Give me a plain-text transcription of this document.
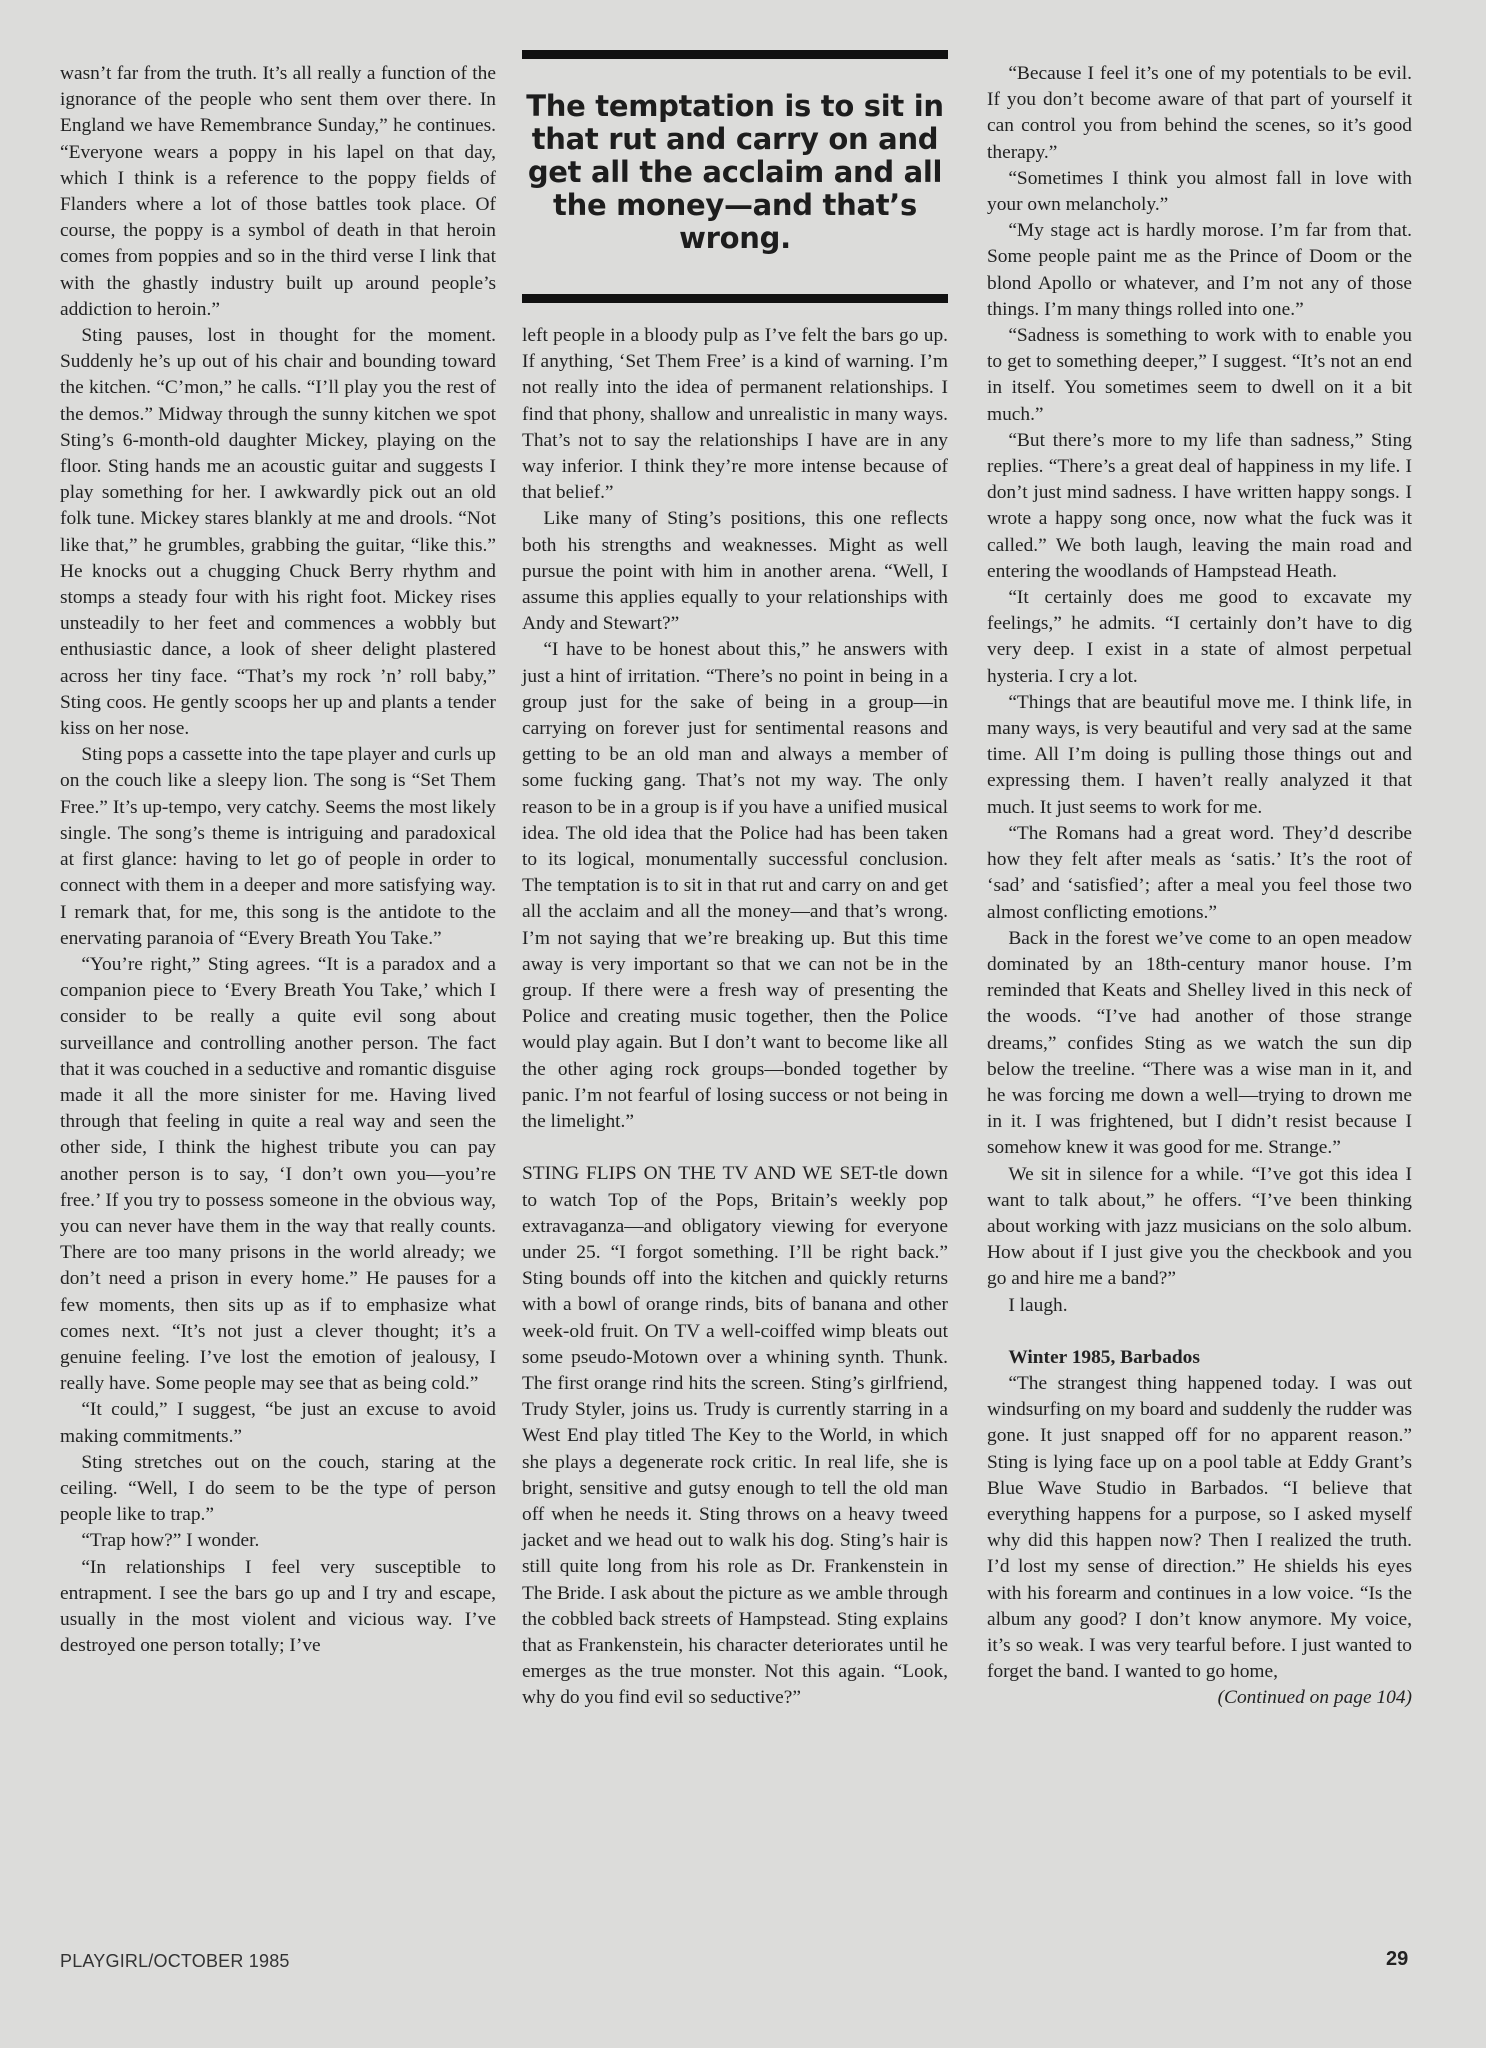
wasn’t far from the truth. It’s all really a function of the ignorance of the people who sent them over there. In England we have Remembrance Sunday,” he continues. “Everyone wears a poppy in his lapel on that day, which I think is a reference to the poppy fields of Flanders where a lot of those battles took place. Of course, the poppy is a symbol of death in that heroin comes from poppies and so in the third verse I link that with the ghastly industry built up around people’s addiction to heroin.”

Sting pauses, lost in thought for the moment. Suddenly he’s up out of his chair and bounding toward the kitchen. “C’mon,” he calls. “I’ll play you the rest of the demos.” Midway through the sunny kitchen we spot Sting’s 6-month-old daughter Mickey, playing on the floor. Sting hands me an acoustic guitar and suggests I play something for her. I awkwardly pick out an old folk tune. Mickey stares blankly at me and drools. “Not like that,” he grumbles, grabbing the guitar, “like this.” He knocks out a chugging Chuck Berry rhythm and stomps a steady four with his right foot. Mickey rises unsteadily to her feet and commences a wobbly but enthusiastic dance, a look of sheer delight plastered across her tiny face. “That’s my rock ’n’ roll baby,” Sting coos. He gently scoops her up and plants a tender kiss on her nose.

Sting pops a cassette into the tape player and curls up on the couch like a sleepy lion. The song is “Set Them Free.” It’s up-tempo, very catchy. Seems the most likely single. The song’s theme is intriguing and paradoxical at first glance: having to let go of people in order to connect with them in a deeper and more satisfying way. I remark that, for me, this song is the antidote to the enervating paranoia of “Every Breath You Take.”

“You’re right,” Sting agrees. “It is a paradox and a companion piece to ‘Every Breath You Take,’ which I consider to be really a quite evil song about surveillance and controlling another person. The fact that it was couched in a seductive and romantic disguise made it all the more sinister for me. Having lived through that feeling in quite a real way and seen the other side, I think the highest tribute you can pay another person is to say, ‘I don’t own you—you’re free.’ If you try to possess someone in the obvious way, you can never have them in the way that really counts. There are too many prisons in the world already; we don’t need a prison in every home.” He pauses for a few moments, then sits up as if to emphasize what comes next. “It’s not just a clever thought; it’s a genuine feeling. I’ve lost the emotion of jealousy, I really have. Some people may see that as being cold.”

“It could,” I suggest, “be just an excuse to avoid making commitments.”

Sting stretches out on the couch, staring at the ceiling. “Well, I do seem to be the type of person people like to trap.”

“Trap how?” I wonder.

“In relationships I feel very susceptible to entrapment. I see the bars go up and I try and escape, usually in the most violent and vicious way. I’ve destroyed one person totally; I’ve

The temptation is to sit in that rut and carry on and get all the acclaim and all the money—and that’s wrong.

left people in a bloody pulp as I’ve felt the bars go up. If anything, ‘Set Them Free’ is a kind of warning. I’m not really into the idea of permanent relationships. I find that phony, shallow and unrealistic in many ways. That’s not to say the relationships I have are in any way inferior. I think they’re more intense because of that belief.”

Like many of Sting’s positions, this one reflects both his strengths and weaknesses. Might as well pursue the point with him in another arena. “Well, I assume this applies equally to your relationships with Andy and Stewart?”

“I have to be honest about this,” he answers with just a hint of irritation. “There’s no point in being in a group just for the sake of being in a group—in carrying on forever just for sentimental reasons and getting to be an old man and always a member of some fucking gang. That’s not my way. The only reason to be in a group is if you have a unified musical idea. The old idea that the Police had has been taken to its logical, monumentally successful conclusion. The temptation is to sit in that rut and carry on and get all the acclaim and all the money—and that’s wrong. I’m not saying that we’re breaking up. But this time away is very important so that we can not be in the group. If there were a fresh way of presenting the Police and creating music together, then the Police would play again. But I don’t want to become like all the other aging rock groups—bonded together by panic. I’m not fearful of losing success or not being in the limelight.”

STING FLIPS ON THE TV AND WE SET-tle down to watch Top of the Pops, Britain’s weekly pop extravaganza—and obligatory viewing for everyone under 25. “I forgot something. I’ll be right back.” Sting bounds off into the kitchen and quickly returns with a bowl of orange rinds, bits of banana and other week-old fruit. On TV a well-coiffed wimp bleats out some pseudo-Motown over a whining synth. Thunk. The first orange rind hits the screen. Sting’s girlfriend, Trudy Styler, joins us. Trudy is currently starring in a West End play titled The Key to the World, in which she plays a degenerate rock critic. In real life, she is bright, sensitive and gutsy enough to tell the old man off when he needs it. Sting throws on a heavy tweed jacket and we head out to walk his dog. Sting’s hair is still quite long from his role as Dr. Frankenstein in The Bride. I ask about the picture as we amble through the cobbled back streets of Hampstead. Sting explains that as Frankenstein, his character deteriorates until he emerges as the true monster. Not this again. “Look, why do you find evil so seductive?”

“Because I feel it’s one of my potentials to be evil. If you don’t become aware of that part of yourself it can control you from behind the scenes, so it’s good therapy.”

“Sometimes I think you almost fall in love with your own melancholy.”

“My stage act is hardly morose. I’m far from that. Some people paint me as the Prince of Doom or the blond Apollo or whatever, and I’m not any of those things. I’m many things rolled into one.”

“Sadness is something to work with to enable you to get to something deeper,” I suggest. “It’s not an end in itself. You sometimes seem to dwell on it a bit much.”

“But there’s more to my life than sadness,” Sting replies. “There’s a great deal of happiness in my life. I don’t just mind sadness. I have written happy songs. I wrote a happy song once, now what the fuck was it called.” We both laugh, leaving the main road and entering the woodlands of Hampstead Heath.

“It certainly does me good to excavate my feelings,” he admits. “I certainly don’t have to dig very deep. I exist in a state of almost perpetual hysteria. I cry a lot.

“Things that are beautiful move me. I think life, in many ways, is very beautiful and very sad at the same time. All I’m doing is pulling those things out and expressing them. I haven’t really analyzed it that much. It just seems to work for me.

“The Romans had a great word. They’d describe how they felt after meals as ‘satis.’ It’s the root of ‘sad’ and ‘satisfied’; after a meal you feel those two almost conflicting emotions.”

Back in the forest we’ve come to an open meadow dominated by an 18th-century manor house. I’m reminded that Keats and Shelley lived in this neck of the woods. “I’ve had another of those strange dreams,” confides Sting as we watch the sun dip below the treeline. “There was a wise man in it, and he was forcing me down a well—trying to drown me in it. I was frightened, but I didn’t resist because I somehow knew it was good for me. Strange.”

We sit in silence for a while. “I’ve got this idea I want to talk about,” he offers. “I’ve been thinking about working with jazz musicians on the solo album. How about if I just give you the checkbook and you go and hire me a band?”

I laugh.

Winter 1985, Barbados

“The strangest thing happened today. I was out windsurfing on my board and suddenly the rudder was gone. It just snapped off for no apparent reason.” Sting is lying face up on a pool table at Eddy Grant’s Blue Wave Studio in Barbados. “I believe that everything happens for a purpose, so I asked myself why did this happen now? Then I realized the truth. I’d lost my sense of direction.” He shields his eyes with his forearm and continues in a low voice. “Is the album any good? I don’t know anymore. My voice, it’s so weak. I was very tearful before. I just wanted to forget the band. I wanted to go home,

(Continued on page 104)

PLAYGIRL/OCTOBER 1985	29
